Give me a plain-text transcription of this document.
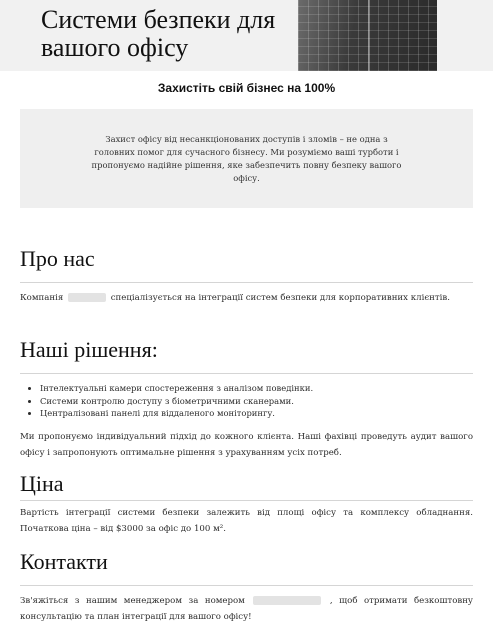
Системи безпеки для вашого офісу

Захистіть свій бізнес на 100%

Захист офісу від несанкціонованих доступів і зломів – не одна з головних помог для сучасного бізнесу. Ми розуміємо ваші турботи і пропонуємо надійне рішення, яке забезпечить повну безпеку вашого офісу.

Про нас

Компанія	спеціалізується на інтеграції систем безпеки для корпоративних клієнтів.

Наші рішення:
• Інтелектуальні камери спостереження з аналізом поведінки.
• Системи контролю доступу з біометричними сканерами.
• Централізовані панелі для віддаленого моніторингу.

Ми пропонуємо індивідуальний підхід до кожного клієнта. Наші фахівці проведуть аудит вашого офісу і запропонують оптимальне рішення з урахуванням усіх потреб.

Ціна

Вартість інтеграції системи безпеки залежить від площі офісу та комплексу обладнання. Початкова ціна – від $3000 за офіс до 100 м².

Контакти

Зв'яжіться з нашим менеджером за номером	, щоб отримати безкоштовну консультацію та план інтеграції для вашого офісу!
